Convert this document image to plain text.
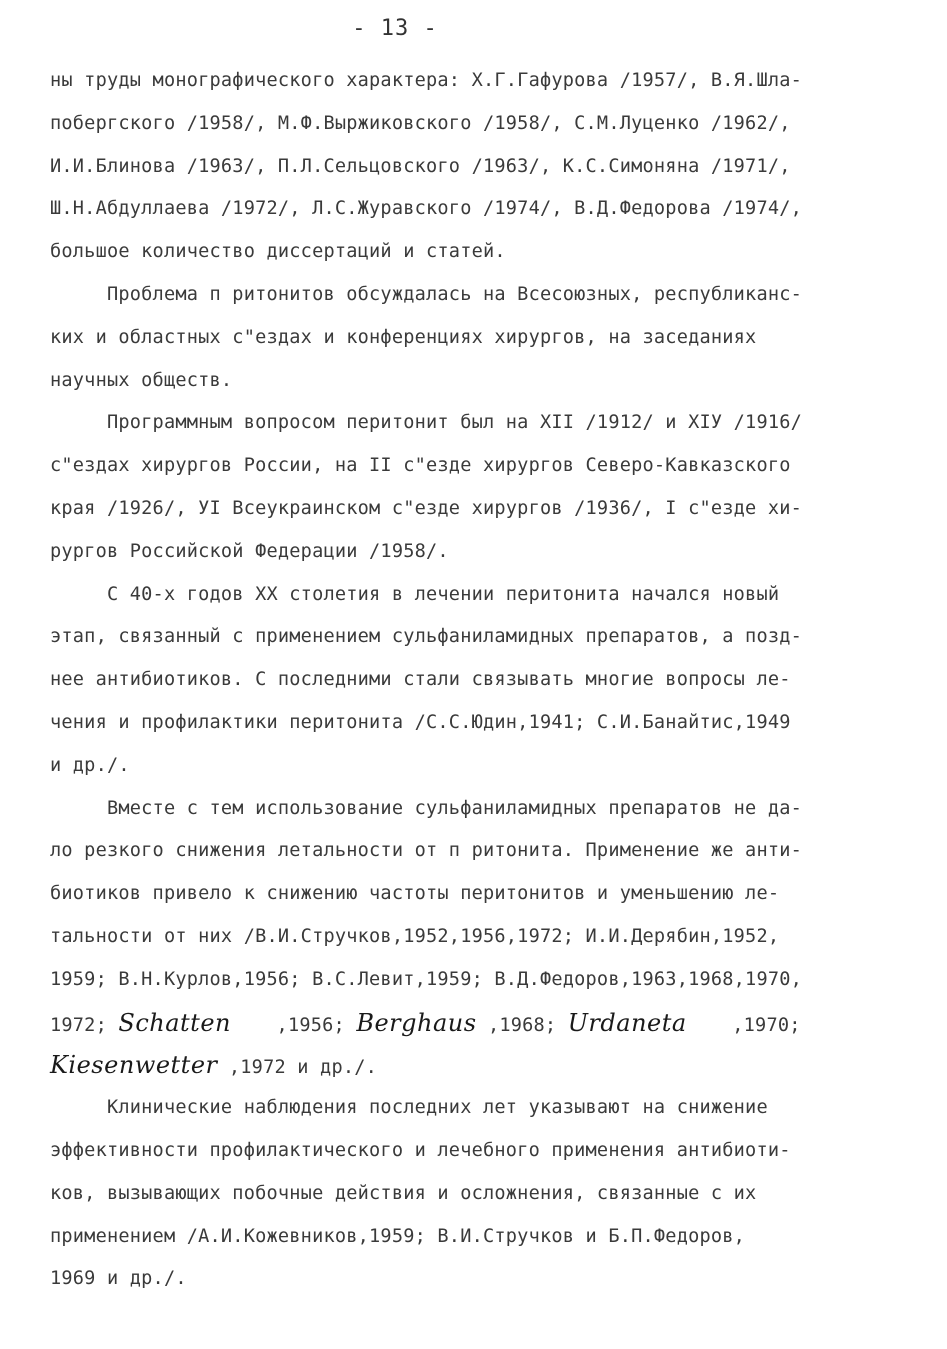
- 13 -
ны труды монографического характера: Х.Г.Гафурова /1957/, В.Я.Шла-
побергского /1958/, М.Ф.Выржиковского /1958/, С.М.Луценко /1962/,
И.И.Блинова /1963/, П.Л.Сельцовского /1963/, К.С.Симоняна /1971/,
Ш.Н.Абдуллаева /1972/, Л.С.Журавского /1974/, В.Д.Федорова /1974/,
большое количество диссертаций и статей.
Проблема п ритонитов обсуждалась на Всесоюзных, республиканс-
ких и областных с"ездах и конференциях хирургов, на заседаниях
научных обществ.
Программным вопросом перитонит был на XII /1912/ и XIУ /1916/
с"ездах хирургов России, на II с"езде хирургов Северо-Кавказского
края /1926/, УI Всеукраинском с"езде хирургов /1936/, I с"езде хи-
рургов Российской Федерации /1958/.
С 40-х годов XX столетия в лечении перитонита начался новый
этап, связанный с применением сульфаниламидных препаратов, а позд-
нее антибиотиков. С последними стали связывать многие вопросы ле-
чения и профилактики перитонита /С.С.Юдин,1941; С.И.Банайтис,1949
и др./.
Вместе с тем использование сульфаниламидных препаратов не да-
ло резкого снижения летальности от п ритонита. Применение же анти-
биотиков привело к снижению частоты перитонитов и уменьшению ле-
тальности от них /В.И.Стручков,1952,1956,1972; И.И.Дерябин,1952,
1959; В.Н.Курлов,1956; В.С.Левит,1959; В.Д.Федоров,1963,1968,1970,
1972; Schatten    ,1956; Berghaus ,1968; Urdaneta    ,1970;
Kiesenwetter ,1972 и др./.
Клинические наблюдения последних лет указывают на снижение
эффективности профилактического и лечебного применения антибиоти-
ков, вызывающих побочные действия и осложнения, связанные с их
применением /А.И.Кожевников,1959; В.И.Стручков и Б.П.Федоров,
1969 и др./.
